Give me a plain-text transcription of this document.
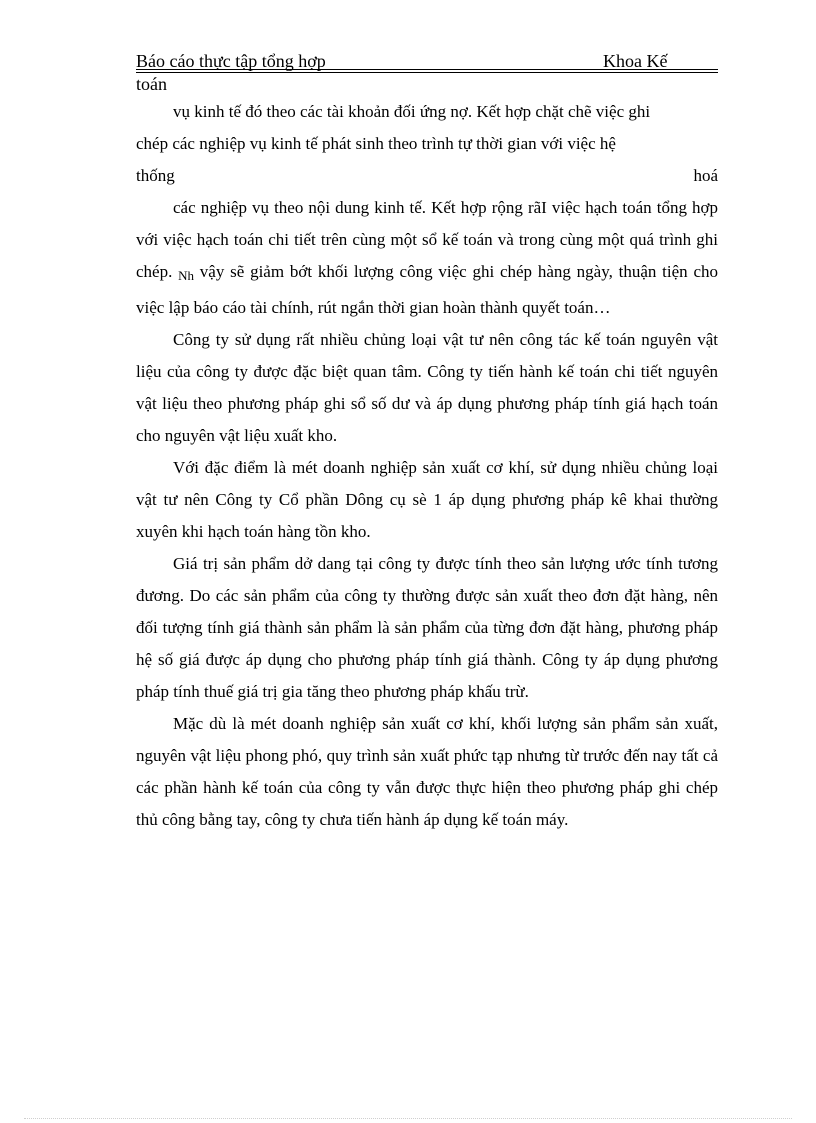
Báo cáo thực tập tổng hợp	Khoa Kế
toán
vụ kinh tế đó theo các tài khoản đối ứng nợ. Kết hợp chặt chẽ việc ghi
chép các nghiệp vụ kinh tế phát sinh theo trình tự thời gian với việc hệ
thống	hoá

các nghiệp vụ theo nội dung kinh tế. Kết hợp rộng rãI việc hạch toán tổng hợp với việc hạch toán chi tiết trên cùng một sổ kế toán và trong cùng một quá trình ghi chép. Nh vậy sẽ giảm bớt khối lượng công việc ghi chép hàng ngày, thuận tiện cho việc lập báo cáo tài chính, rút ngắn thời gian hoàn thành quyết toán…

Công ty sử dụng rất nhiều chủng loại vật tư nên công tác kế toán nguyên vật liệu của công ty được đặc biệt quan tâm. Công ty tiến hành kế toán chi tiết nguyên vật liệu theo phương pháp ghi sổ số dư và áp dụng phương pháp tính giá hạch toán cho nguyên vật liệu xuất kho.

Với đặc điểm là mét doanh nghiệp sản xuất cơ khí, sử dụng nhiều chủng loại vật tư nên Công ty Cổ phần Dông cụ sè 1 áp dụng phương pháp kê khai thường xuyên khi hạch toán hàng tồn kho.

Giá trị sản phẩm dở dang tại công ty được tính theo sản lượng ước tính tương đương. Do các sản phẩm của công ty thường được sản xuất theo đơn đặt hàng, nên đối tượng tính giá thành sản phẩm là sản phẩm của từng đơn đặt hàng, phương pháp hệ số giá được áp dụng cho phương pháp tính giá thành. Công ty áp dụng phương pháp tính thuế giá trị gia tăng theo phương pháp khấu trừ.

Mặc dù là mét doanh nghiệp sản xuất cơ khí, khối lượng sản phẩm sản xuất, nguyên vật liệu phong phó, quy trình sản xuất phức tạp nhưng từ trước đến nay tất cả các phần hành kế toán của công ty vẫn được thực hiện theo phương pháp ghi chép thủ công bằng tay, công ty chưa tiến hành áp dụng kế toán máy.
